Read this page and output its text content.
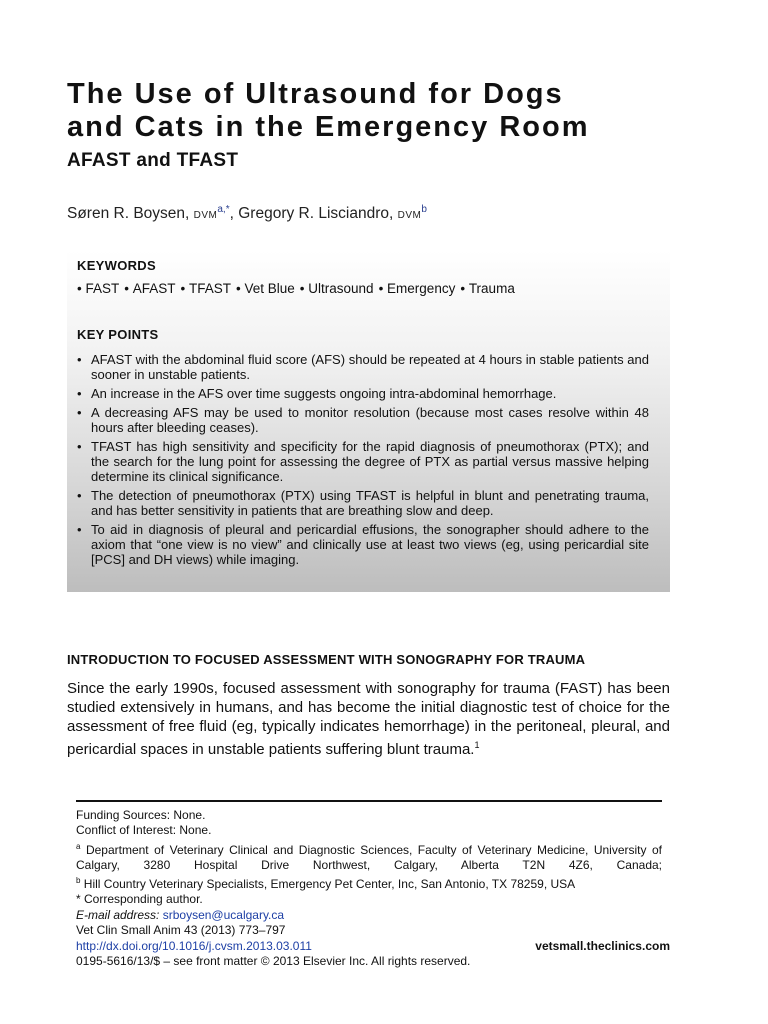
The Use of Ultrasound for Dogs
and Cats in the Emergency Room
AFAST and TFAST
Søren R. Boysen, $DVM^{a,*}$, Gregory R. Lisciandro, DVM$^b$
KEYWORDS
• FAST • AFAST • TFAST • Vet Blue • Ultrasound • Emergency • Trauma
KEY POINTS
• AFAST with the abdominal fluid score (AFS) should be repeated at 4 hours in stable patients and sooner in unstable patients.
• An increase in the AFS over time suggests ongoing intra-abdominal hemorrhage.
• A decreasing AFS may be used to monitor resolution (because most cases resolve within 48 hours after bleeding ceases).
• TFAST has high sensitivity and specificity for the rapid diagnosis of pneumothorax (PTX); and the search for the lung point for assessing the degree of PTX as partial versus massive helping determine its clinical significance.
• The detection of pneumothorax (PTX) using TFAST is helpful in blunt and penetrating trauma, and has better sensitivity in patients that are breathing slow and deep.
• To aid in diagnosis of pleural and pericardial effusions, the sonographer should adhere to the axiom that “one view is no view” and clinically use at least two views (eg, using pericardial site [PCS] and DH views) while imaging.
INTRODUCTION TO FOCUSED ASSESSMENT WITH SONOGRAPHY FOR TRAUMA

Since the early 1990s, focused assessment with sonography for trauma (FAST) has been studied extensively in humans, and has become the initial diagnostic test of choice for the assessment of free fluid (eg, typically indicates hemorrhage) in the peritoneal, pleural, and pericardial spaces in unstable patients suffering blunt trauma.$^1$

Funding Sources: None.

Conflict of Interest: None.

$^a$ Department of Veterinary Clinical and Diagnostic Sciences, Faculty of Veterinary Medicine, University of Calgary, 3280 Hospital Drive Northwest, Calgary, Alberta T2N 4Z6, Canada;

$^b$ Hill Country Veterinary Specialists, Emergency Pet Center, Inc, San Antonio, TX 78259, USA

* Corresponding author.

E-mail address: srboysen@ucalgary.ca

Vet Clin Small Anim 43 (2013) 773–797

http://dx.doi.org/10.1016/j.cvsm.2013.03.011	vetsmall.theclinics.com

0195-5616/13/$ – see front matter © 2013 Elsevier Inc. All rights reserved.
